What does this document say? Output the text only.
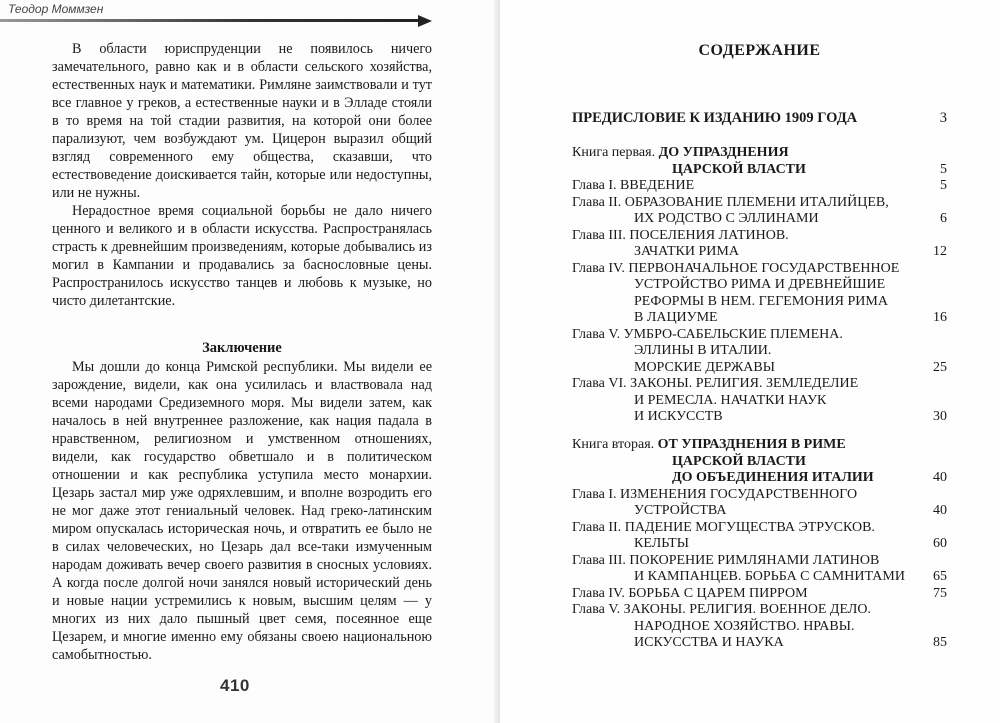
Теодор Моммзен

В области юриспруденции не появилось ничего замечательного, равно как и в области сельского хозяйства, естественных наук и математики. Римляне заимствовали и тут все главное у греков, а естественные науки и в Элладе стояли в то время на той стадии развития, на которой они более парализуют, чем возбуждают ум. Цицерон выразил общий взгляд современного ему общества, сказавши, что естествоведение доискивается тайн, которые или недоступны, или не нужны.

Нерадостное время социальной борьбы не дало ничего ценного и великого и в области искусства. Распространялась страсть к древнейшим произведениям, которые добывались из могил в Кампании и продавались за баснословные цены. Распространилось искусство танцев и любовь к музыке, но чисто дилетантские.

Заключение

Мы дошли до конца Римской республики. Мы видели ее зарождение, видели, как она усилилась и властвовала над всеми народами Средиземного моря. Мы видели затем, как началось в ней внутреннее разложение, как нация падала в нравственном, религиозном и умственном отношениях, видели, как государство обветшало и в политическом отношении и как республика уступила место монархии. Цезарь застал мир уже одряхлевшим, и вполне возродить его не мог даже этот гениальный человек. Над греко-латинским миром опускалась историческая ночь, и отвратить ее было не в силах человеческих, но Цезарь дал все-таки измученным народам доживать вечер своего развития в сносных условиях. А когда после долгой ночи занялся новый исторический день и новые нации устремились к новым, высшим целям — у многих из них дало пышный цвет семя, посеянное еще Цезарем, и многие именно ему обязаны своею национальною самобытностью.

410
СОДЕРЖАНИЕ
ПРЕДИСЛОВИЕ К ИЗДАНИЮ 1909 ГОДА	3
Книга первая. ДО УПРАЗДНЕНИЯ
ЦАРСКОЙ ВЛАСТИ	5
Глава I. ВВЕДЕНИЕ	5
Глава II. ОБРАЗОВАНИЕ ПЛЕМЕНИ ИТАЛИЙЦЕВ,
ИХ РОДСТВО С ЭЛЛИНАМИ	6
Глава III. ПОСЕЛЕНИЯ ЛАТИНОВ.
ЗАЧАТКИ РИМА	12
Глава IV. ПЕРВОНАЧАЛЬНОЕ ГОСУДАРСТВЕННОЕ
УСТРОЙСТВО РИМА И ДРЕВНЕЙШИЕ
РЕФОРМЫ В НЕМ. ГЕГЕМОНИЯ РИМА
В ЛАЦИУМЕ	16
Глава V. УМБРО-САБЕЛЬСКИЕ ПЛЕМЕНА.
ЭЛЛИНЫ В ИТАЛИИ.
МОРСКИЕ ДЕРЖАВЫ	25
Глава VI. ЗАКОНЫ. РЕЛИГИЯ. ЗЕМЛЕДЕЛИЕ
И РЕМЕСЛА. НАЧАТКИ НАУК
И ИСКУССТВ	30
Книга вторая. ОТ УПРАЗДНЕНИЯ В РИМЕ
ЦАРСКОЙ ВЛАСТИ
ДО ОБЪЕДИНЕНИЯ ИТАЛИИ	40
Глава I. ИЗМЕНЕНИЯ ГОСУДАРСТВЕННОГО
УСТРОЙСТВА	40
Глава II. ПАДЕНИЕ МОГУЩЕСТВА ЭТРУСКОВ.
КЕЛЬТЫ	60
Глава III. ПОКОРЕНИЕ РИМЛЯНАМИ ЛАТИНОВ
И КАМПАНЦЕВ. БОРЬБА С САМНИТАМИ	65
Глава IV. БОРЬБА С ЦАРЕМ ПИРРОМ	75
Глава V. ЗАКОНЫ. РЕЛИГИЯ. ВОЕННОЕ ДЕЛО.
НАРОДНОЕ ХОЗЯЙСТВО. НРАВЫ.
ИСКУССТВА И НАУКА	85
